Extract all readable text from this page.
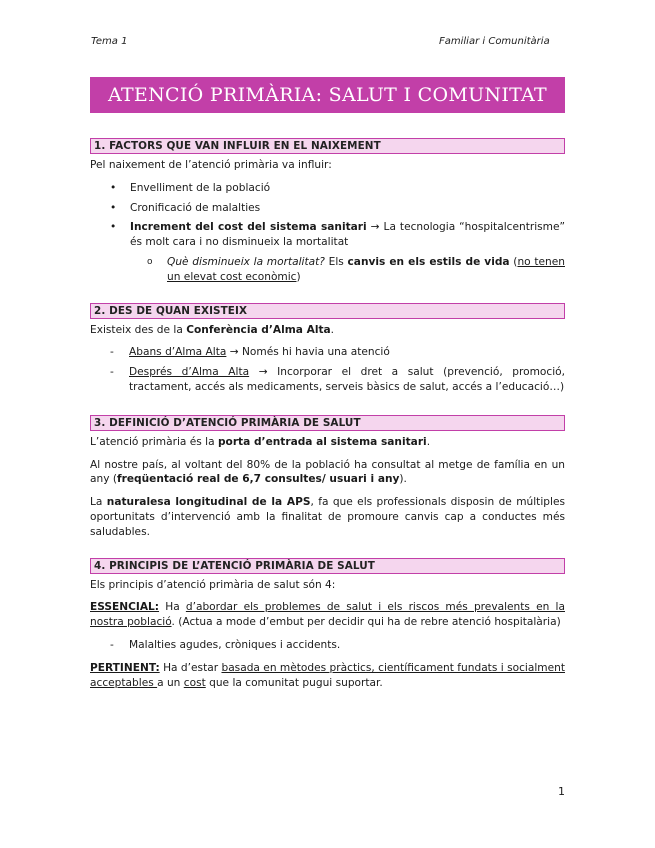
Tema 1	Familiar i Comunitària
ATENCIÓ PRIMÀRIA: SALUT I COMUNITAT
1. FACTORS QUE VAN INFLUIR EN EL NAIXEMENT

Pel naixement de l’atenció primària va influir:

• Envelliment de la població
• Cronificació de malalties
• Increment del cost del sistema sanitari → La tecnologia “hospitalcentrisme” és molt cara i no disminueix la mortalitat
o Què disminueix la mortalitat? Els canvis en els estils de vida (no tenen un elevat cost econòmic)
2. DES DE QUAN EXISTEIX

Existeix des de la Conferència d’Alma Alta.

- Abans d’Alma Alta → Només hi havia una atenció
- Després d’Alma Alta → Incorporar el dret a salut (prevenció, promoció, tractament, accés als medicaments, serveis bàsics de salut, accés a l’educació…)
3. DEFINICIÓ D’ATENCIÓ PRIMÀRIA DE SALUT

L’atenció primària és la porta d’entrada al sistema sanitari.

Al nostre país, al voltant del 80% de la població ha consultat al metge de família en un any (freqüentació real de 6,7 consultes/ usuari i any).

La naturalesa longitudinal de la APS, fa que els professionals disposin de múltiples oportunitats d’intervenció amb la finalitat de promoure canvis cap a conductes més saludables.

4. PRINCIPIS DE L’ATENCIÓ PRIMÀRIA DE SALUT

Els principis d’atenció primària de salut són 4:

ESSENCIAL: Ha d’abordar els problemes de salut i els riscos més prevalents en la nostra població. (Actua a mode d’embut per decidir qui ha de rebre atenció hospitalària)

- Malalties agudes, cròniques i accidents.

PERTINENT: Ha d’estar basada en mètodes pràctics, científicament fundats i socialment acceptables a un cost que la comunitat pugui suportar.

1
